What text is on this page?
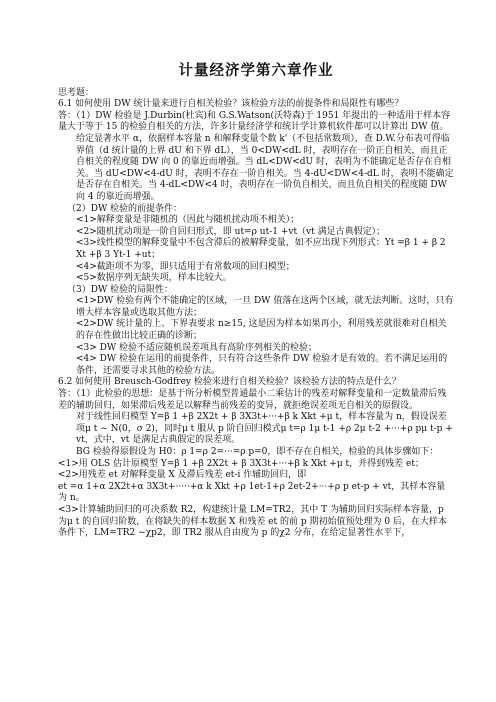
计量经济学第六章作业

思考题：

6.1 如何使用 DW 统计量来进行自相关检验？该检验方法的前提条件和局限性有哪些？

答：（1）DW 检验是 J.Durbin(杜宾)和 G.S.Watson(沃特森)于 1951 年提出的一种适用于样本容量大于等于 15 的检验自相关的方法，许多计量经济学和统计学计算机软件都可以计算出 DW 值。

给定显著水平 α，依据样本容量 n 和解释变量个数 k'（不包括常数项），查 D.W.分布表可得临界值（d 统计量的上界 dU 和下界 dL），当 0<DW<dL 时，表明存在一阶正自相关，而且正自相关的程度随 DW 向 0 的靠近而增强。当 dL<DW<dU 时，表明为不能确定是否存在自相关。当 dU<DW<4-dU 时，表明不存在一阶自相关。当 4-dU<DW<4-dL 时，表明不能确定是否存在自相关。当 4-dL<DW<4 时，表明存在一阶负自相关，而且负自相关的程度随 DW 向 4 的靠近而增强。

（2）DW 检验的前提条件：

<1>解释变量是非随机的（因此与随机扰动项不相关）；

<2>随机扰动项是一阶自回归形式，即 ut=ρ ut-1 +vt（vt 满足古典假定）；

<3>线性模型的解释变量中不包含滞后的被解释变量，如不应出现下列形式：Yt =β 1 + β 2 Xt +β 3 Yt-1 +ut；

<4>截距项不为零，即只适用于有常数项的回归模型；

<5>数据序列无缺失项，样本比较大。

（3）DW 检验的局限性：

<1>DW 检验有两个不能确定的区域，一旦 DW 值落在这两个区域，就无法判断。这时，只有增大样本容量或选取其他方法；

<2>DW 统计量的上、下界表要求 n≥15, 这是因为样本如果再小，利用残差就很难对自相关的存在性做出比较正确的诊断；

<3> DW 检验不适应随机误差项具有高阶序列相关的检验；

<4> DW 检验在运用的前提条件，只有符合这些条件 DW 检验才是有效的。若不满足运用的条件，还需要寻求其他的检验方法。

6.2 如何使用 Breusch-Godfrey 检验来进行自相关检验？该检验方法的特点是什么？

答：（1）此检验的思想：是基于所分析模型普通最小二乘估计的残差对解释变量和一定数量滞后残差的辅助回归，如果滞后残差足以解释当前残差的变异，就拒绝误差项无自相关的原假设。

对于线性回归模型 Y=β 1 +β 2X2t + β 3X3t+···+β k Xkt +μ t，样本容量为 n，假设误差项μ t ~ N(0，σ 2)，同时μ t 服从 p 阶自回归模式μ t=ρ 1μ t-1 +ρ 2μ t-2 +···+ρ pμ t-p + vt，式中，vt 是满足古典假定的误差项。

BG 检验得原假设为 H0：ρ 1=ρ 2=···=ρ p=0，即不存在自相关，检验的具体步骤如下：

<1>用 OLS 估计原模型 Y=β 1 +β 2X2t + β 3X3t+···+β k Xkt +μ t，并得到残差 et；

<2>用残差 et 对解释变量 X 及滞后残差 et-i 作辅助回归，即

et =α 1+α 2X2t+α 3X3t+·····+α k Xkt +ρ 1et-1+ρ 2et-2+···+ρ p et-p + vt，其样本容量为 n。

<3>计算辅助回归的可决系数 R2，构建统计量 LM=TR2，其中 T 为辅助回归实际样本容量，p 为μ t 的自回归阶数，在将缺失的样本数据 X 和残差 et 的前 p 期初始值预处理为 0 后，在大样本条件下，LM=TR2 ~χp2，即 TR2 服从自由度为 p 的χ2 分布，在给定显著性水平下，
